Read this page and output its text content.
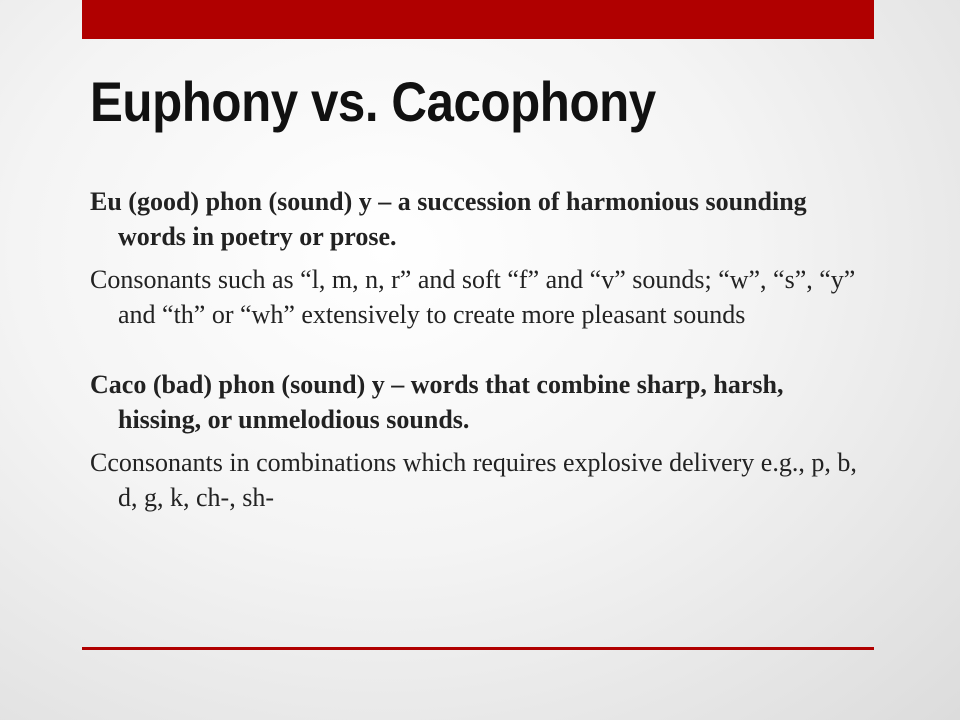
Euphony vs. Cacophony

Eu (good) phon (sound) y – a succession of harmonious sounding words in poetry or prose.

Consonants such as “l, m, n, r” and soft “f” and “v” sounds; “w”, “s”, “y” and “th” or “wh” extensively to create more pleasant sounds

Caco (bad) phon (sound) y – words that combine sharp, harsh, hissing, or unmelodious sounds.

Cconsonants in combinations which requires explosive delivery e.g., p, b, d, g, k, ch-, sh-
